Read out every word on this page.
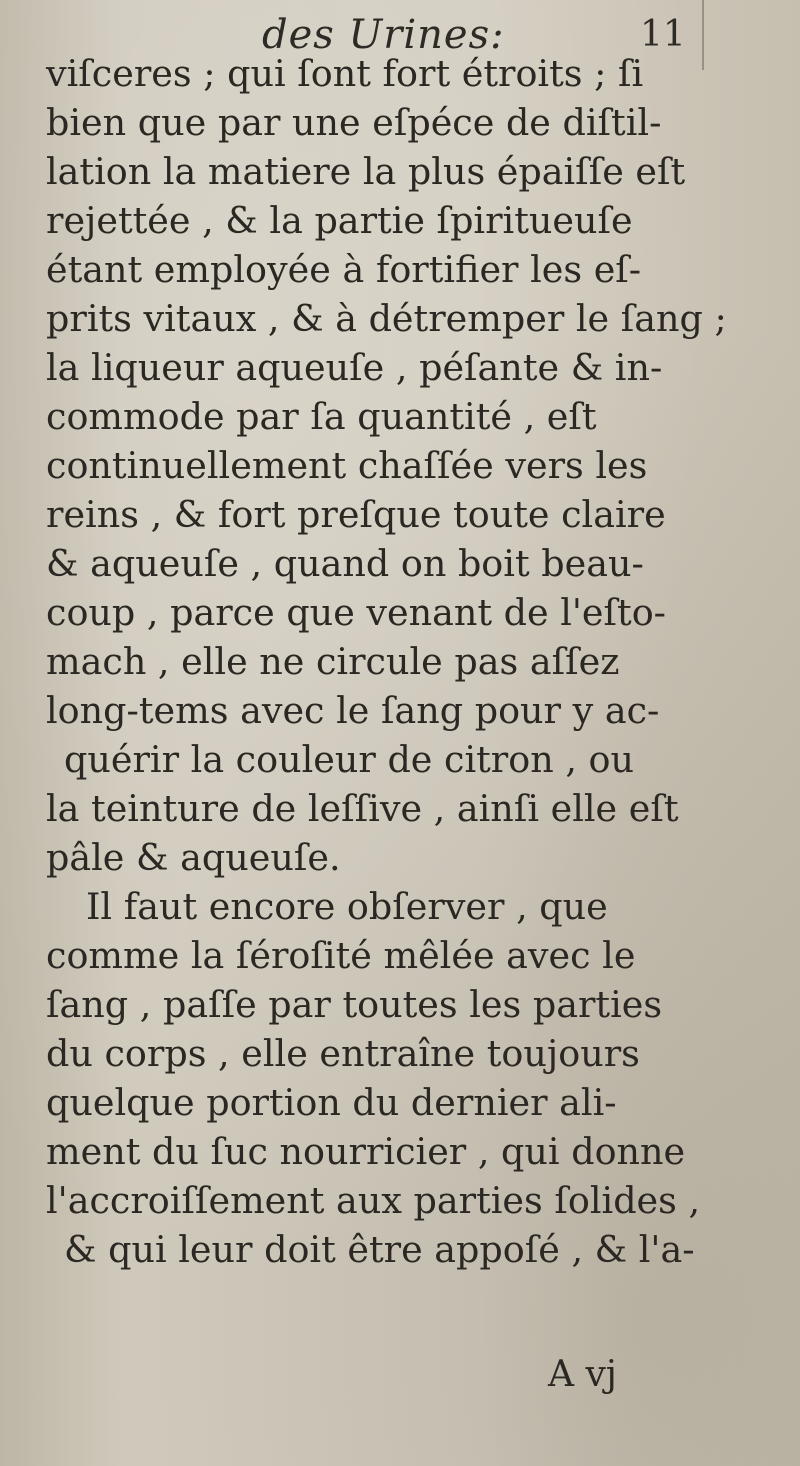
des Urines:	11
viſceres ; qui ſont fort étroits ; ſi
bien que par une eſpéce de diſtil-
lation la matiere la plus épaiſſe eſt
rejettée , & la partie ſpiritueuſe
étant employée à fortifier les eſ-
prits vitaux , & à détremper le ſang ;
la liqueur aqueuſe , péſante & in-
commode par ſa quantité , eſt
continuellement chaſſée vers les
reins , & fort preſque toute claire
& aqueuſe , quand on boit beau-
coup , parce que venant de l'eſto-
mach , elle ne circule pas aſſez
long-tems avec le ſang pour y ac-
quérir la couleur de citron , ou
la teinture de leſſive , ainſi elle eſt
pâle & aqueuſe.
Il faut encore obſerver , que
comme la ſéroſité mêlée avec le
ſang , paſſe par toutes les parties
du corps , elle entraîne toujours
quelque portion du dernier ali-
ment du ſuc nourricier , qui donne
l'accroiſſement aux parties ſolides ,
& qui leur doit être appoſé , & l'a-
A vj
